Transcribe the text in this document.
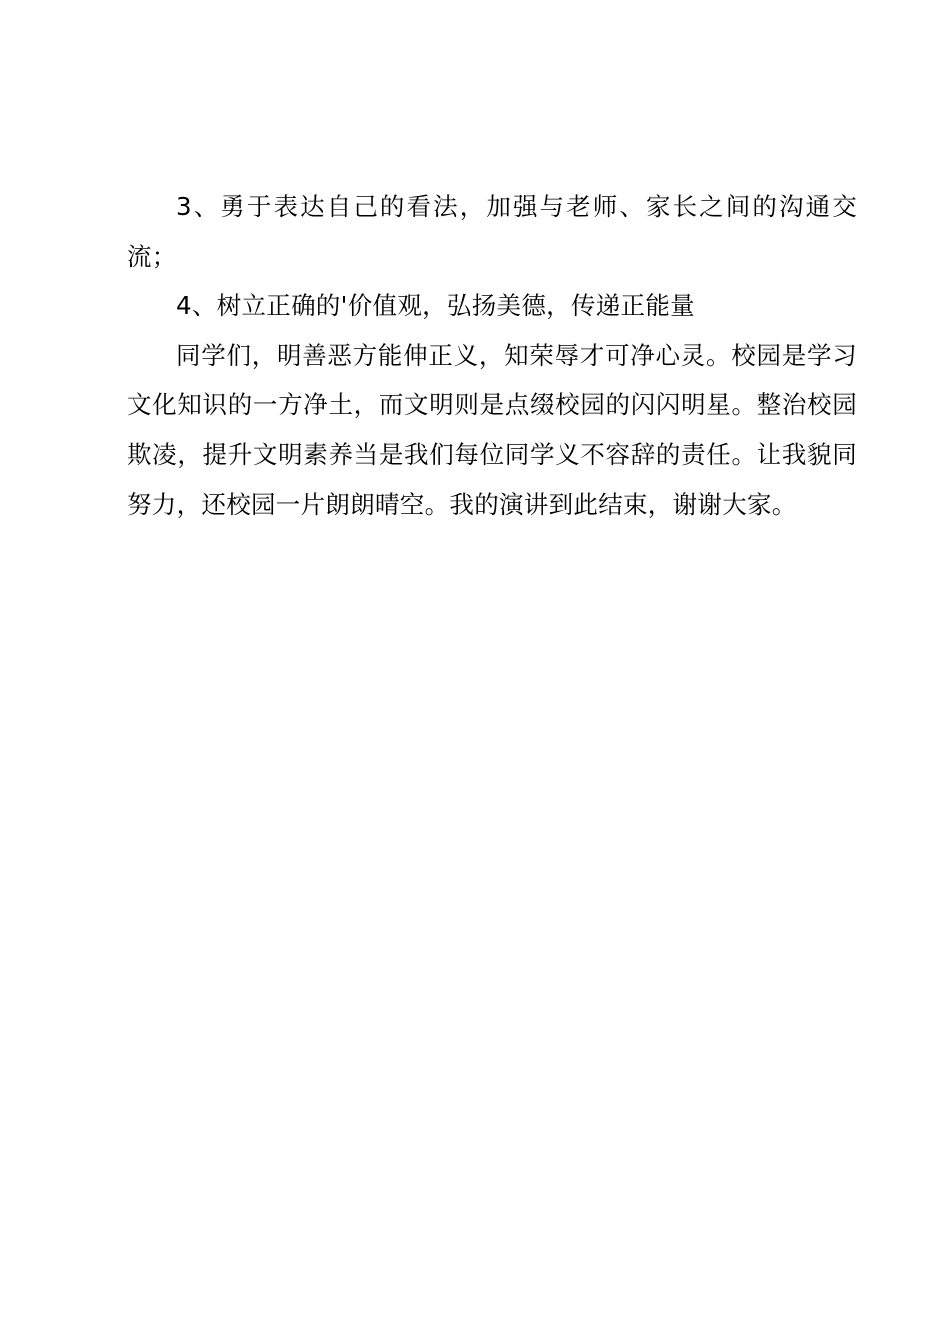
3、勇于表达自己的看法，加强与老师、家长之间的沟通交流；

4、树立正确的'价值观，弘扬美德，传递正能量

同学们，明善恶方能伸正义，知荣辱才可净心灵。校园是学习文化知识的一方净土，而文明则是点缀校园的闪闪明星。整治校园欺凌，提升文明素养当是我们每位同学义不容辞的责任。让我貌同努力，还校园一片朗朗晴空。我的演讲到此结束，谢谢大家。
